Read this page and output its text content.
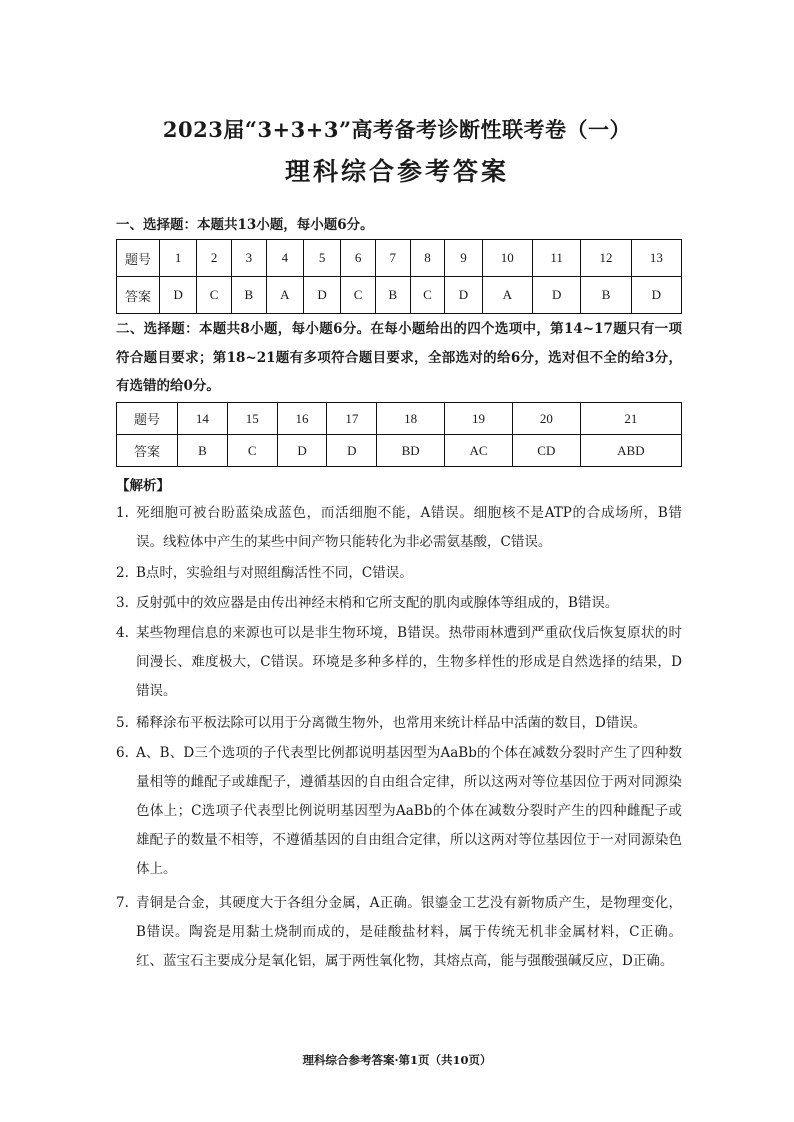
2023届“3+3+3”高考备考诊断性联考卷（一）
理科综合参考答案
一、选择题：本题共13小题，每小题6分。
题号	1	2	3	4	5	6	7	8	9	10	11	12	13
答案	D	C	B	A	D	C	B	C	D	A	D	B	D
二、选择题：本题共8小题，每小题6分。在每小题给出的四个选项中，第14~17题只有一项符合题目要求；第18~21题有多项符合题目要求，全部选对的给6分，选对但不全的给3分，有选错的给0分。
题号	14	15	16	17	18	19	20	21
答案	B	C	D	D	BD	AC	CD	ABD
【解析】
1. 死细胞可被台盼蓝染成蓝色，而活细胞不能，A错误。细胞核不是ATP的合成场所，B错误。线粒体中产生的某些中间产物只能转化为非必需氨基酸，C错误。
2. B点时，实验组与对照组酶活性不同，C错误。
3. 反射弧中的效应器是由传出神经末梢和它所支配的肌肉或腺体等组成的，B错误。
4. 某些物理信息的来源也可以是非生物环境，B错误。热带雨林遭到严重砍伐后恢复原状的时间漫长、难度极大，C错误。环境是多种多样的，生物多样性的形成是自然选择的结果，D错误。
5. 稀释涂布平板法除可以用于分离微生物外，也常用来统计样品中活菌的数目，D错误。
6. A、B、D三个选项的子代表型比例都说明基因型为AaBb的个体在减数分裂时产生了四种数量相等的雌配子或雄配子，遵循基因的自由组合定律，所以这两对等位基因位于两对同源染色体上；C选项子代表型比例说明基因型为AaBb的个体在减数分裂时产生的四种雌配子或雄配子的数量不相等，不遵循基因的自由组合定律，所以这两对等位基因位于一对同源染色体上。
7. 青铜是合金，其硬度大于各组分金属，A正确。银鎏金工艺没有新物质产生，是物理变化，B错误。陶瓷是用黏土烧制而成的，是硅酸盐材料，属于传统无机非金属材料，C正确。红、蓝宝石主要成分是氧化铝，属于两性氧化物，其熔点高，能与强酸强碱反应，D正确。
理科综合参考答案·第1页（共10页）
